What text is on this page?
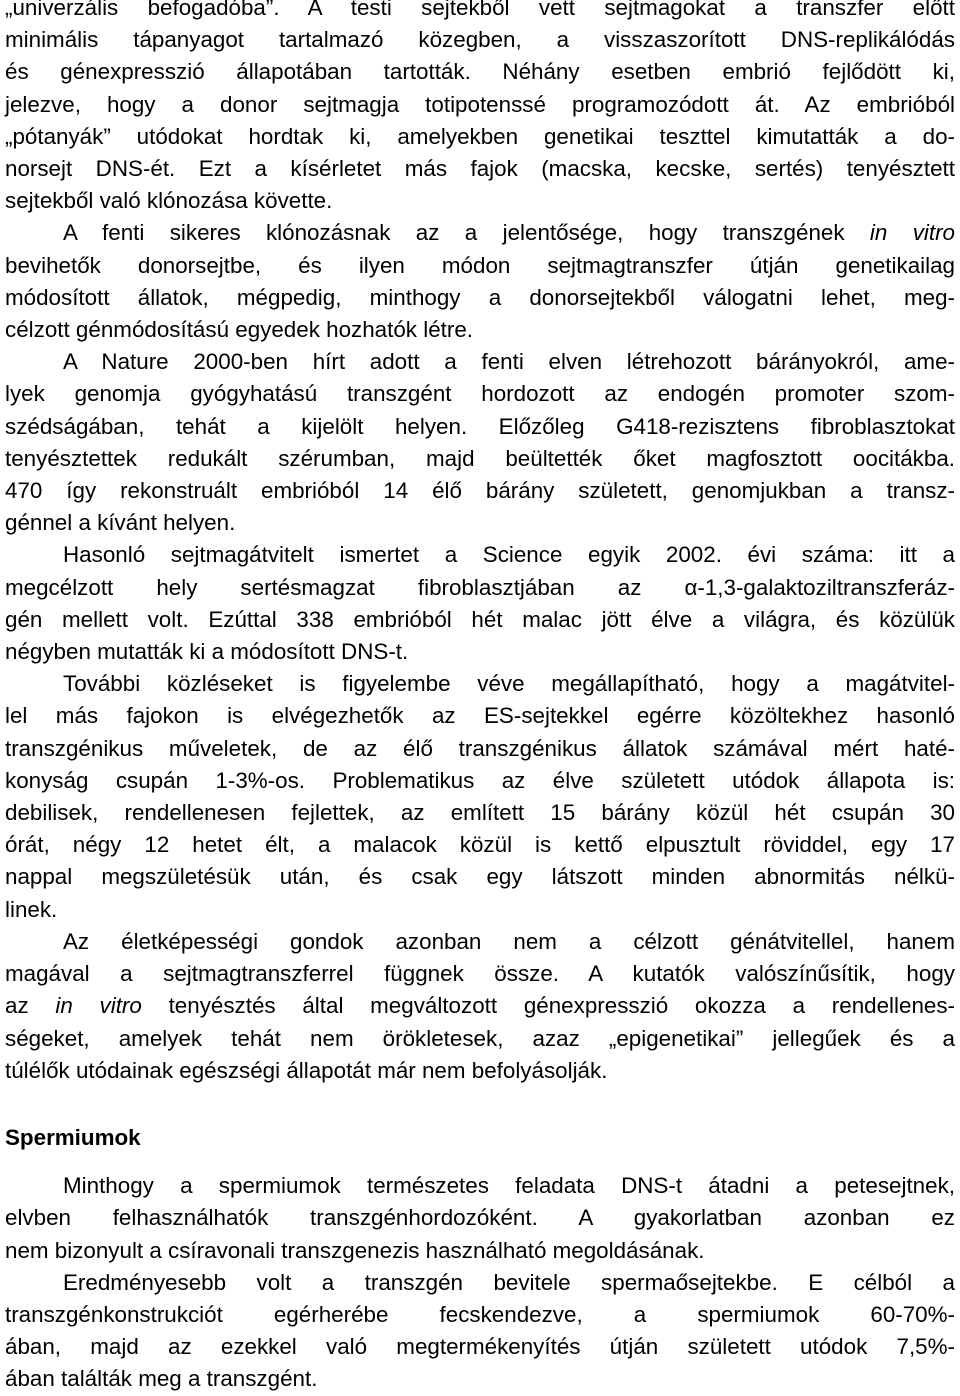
„univerzális befogadóba”. A testi sejtekből vett sejtmagokat a transzfer előtt
minimális tápanyagot tartalmazó közegben, a visszaszorított DNS-replikálódás
és génexpresszió állapotában tartották. Néhány esetben embrió fejlődött ki,
jelezve, hogy a donor sejtmagja totipotenssé programozódott át. Az embrióból
„pótanyák” utódokat hordtak ki, amelyekben genetikai teszttel kimutatták a do-
norsejt DNS-ét. Ezt a kísérletet más fajok (macska, kecske, sertés) tenyésztett
sejtekből való klónozása követte.

A fenti sikeres klónozásnak az a jelentősége, hogy transzgének in vitro
bevihetők donorsejtbe, és ilyen módon sejtmagtranszfer útján genetikailag
módosított állatok, mégpedig, minthogy a donorsejtekből válogatni lehet, meg-
célzott génmódosítású egyedek hozhatók létre.

A Nature 2000-ben hírt adott a fenti elven létrehozott bárányokról, ame-
lyek genomja gyógyhatású transzgént hordozott az endogén promoter szom-
szédságában, tehát a kijelölt helyen. Előzőleg G418-rezisztens fibroblasztokat
tenyésztettek redukált szérumban, majd beültették őket magfosztott oocitákba.
470 így rekonstruált embrióból 14 élő bárány született, genomjukban a transz-
génnel a kívánt helyen.

Hasonló sejtmagátvitelt ismertet a Science egyik 2002. évi száma: itt a
megcélzott hely sertésmagzat fibroblasztjában az α-1,3-galaktoziltranszferáz-
gén mellett volt. Ezúttal 338 embrióból hét malac jött élve a világra, és közülük
négyben mutatták ki a módosított DNS-t.

További közléseket is figyelembe véve megállapítható, hogy a magátvitel-
lel más fajokon is elvégezhetők az ES-sejtekkel egérre közöltekhez hasonló
transzgénikus műveletek, de az élő transzgénikus állatok számával mért haté-
konyság csupán 1-3%-os. Problematikus az élve született utódok állapota is:
debilisek, rendellenesen fejlettek, az említett 15 bárány közül hét csupán 30
órát, négy 12 hetet élt, a malacok közül is kettő elpusztult röviddel, egy 17
nappal megszületésük után, és csak egy látszott minden abnormitás nélkü-
linek.

Az életképességi gondok azonban nem a célzott génátvitellel, hanem
magával a sejtmagtranszferrel függnek össze. A kutatók valószínűsítik, hogy
az in vitro tenyésztés által megváltozott génexpresszió okozza a rendellenes-
ségeket, amelyek tehát nem örökletesek, azaz „epigenetikai” jellegűek és a
túlélők utódainak egészségi állapotát már nem befolyásolják.

Spermiumok

Minthogy a spermiumok természetes feladata DNS-t átadni a petesejtnek,
elvben felhasználhatók transzgénhordozóként. A gyakorlatban azonban ez
nem bizonyult a csíravonali transzgenezis használható megoldásának.

Eredményesebb volt a transzgén bevitele spermaősejtekbe. E célból a
transzgénkonstrukciót egérherébe fecskendezve, a spermiumok 60-70%-
ában, majd az ezekkel való megtermékenyítés útján született utódok 7,5%-
ában találták meg a transzgént.
